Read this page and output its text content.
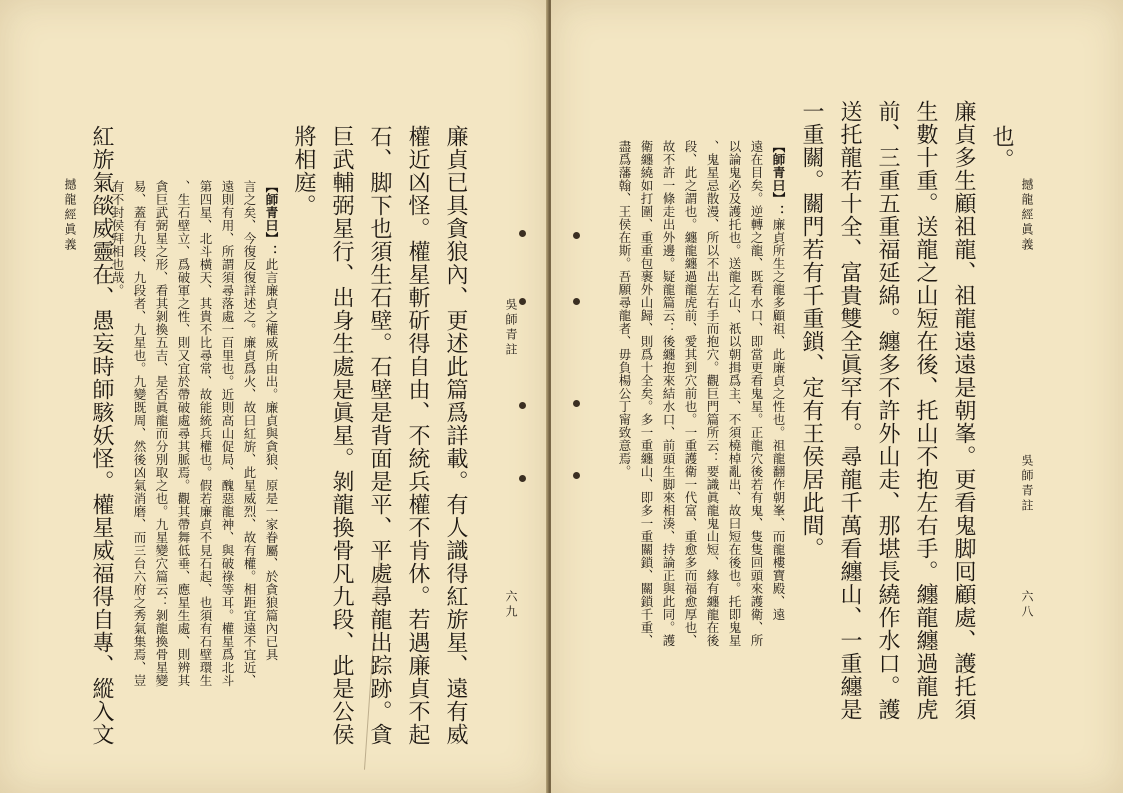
吳師青註
六九
撼龍經眞義	廉貞已具貪狼內、更述此篇爲詳載。有人識得紅旂星、遠有威
權近凶怪。權星斬斫得自由、不統兵權不肯休。若遇廉貞不起
石、脚下也須生石壁。石壁是背面是平、平處尋龍出踪跡。貪
巨武輔弼星行、出身生處是眞星。剝龍換骨凡九段、此是公侯
將相庭。
【師青曰】：此言廉貞之權威所由出。廉貞與貪狼、原是一家眷屬、於貪狼篇內已具
言之矣、今復反復詳述之。廉貞爲火、故曰紅旂、此星威烈、故有權。相距宜遠不宜近、
遠則有用、所謂須尋落處一百里也。近則高山促局、醜惡龍神、與破祿等耳。權星爲北斗
第四星、北斗橫天、其貴不比尋常、故能統兵權也。假若廉貞不見石起、也須有石壁環生
、生石壁立、爲破軍之性、則又宜於帶破處尋其脈焉。觀其帶舞低垂、應星生處、則辨其
貪巨武弼星之形、看其剝換五吉、是否眞龍而分別取之也。九星變穴篇云：剝龍換骨星變
易、蓋有九段、九段者、九星也。九變既周、然後凶氣消磨、而三台六府之秀氣集焉、豈
有不封侯拜相也哉。
紅旂氣燄威靈在、愚妄時師駭妖怪。權星威福得自專、縱入文	撼龍經眞義
吳師青註
六八
也。
廉貞多生顧祖龍、祖龍遠遠是朝峯。更看鬼脚囘顧處、護托須
生數十重。送龍之山短在後、托山不抱左右手。纏龍纏過龍虎
前、三重五重福延綿。纏多不許外山走、那堪長繞作水口。護
送托龍若十全、富貴雙全眞罕有。尋龍千萬看纏山、一重纏是
一重關。關門若有千重鎖、定有王侯居此間。
【師青曰】：廉貞所生之龍多顧祖、此廉貞之性也。祖龍翻作朝峯、而龍樓寶殿、遠
遠在目矣。逆轉之龍、既看水口、即當更看鬼星。正龍穴後若有鬼、隻隻回頭來護衛、所
以論鬼必及護托也。送龍之山、祇以朝揖爲主、不須橈棹亂出、故曰短在後也。托即鬼星
、鬼星忌散漫、所以不出左右手而抱穴。觀巨門篇所云：要識眞龍鬼山短、緣有纏龍在後
段、此之謂也。纏龍纏過龍虎前、愛其到穴前也。一重護衛一代富、重愈多而福愈厚也、
故不許一條走出外邊。疑龍篇云：後纏抱來結水口、前頭生脚來相湊、持論正與此同。護
衛纏繞如打圍、重重包裹外山歸、則爲十全矣。多一重纏山、即多一重關鎖、關鎖千重、
盡爲藩翰、王侯在斯。吾願尋龍者、毋負楊公丁甯致意焉。
